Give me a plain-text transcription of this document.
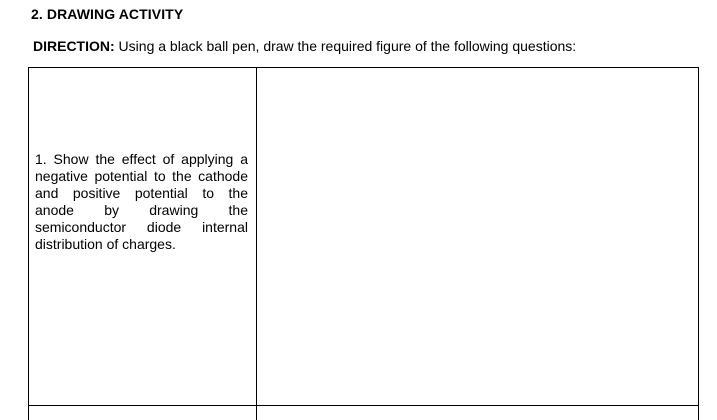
2. DRAWING ACTIVITY
DIRECTION: Using a black ball pen, draw the required figure of the following questions:
1. Show the effect of applying a
negative potential to the cathode
and positive potential to the
anode by drawing the
semiconductor diode internal
distribution of charges.
